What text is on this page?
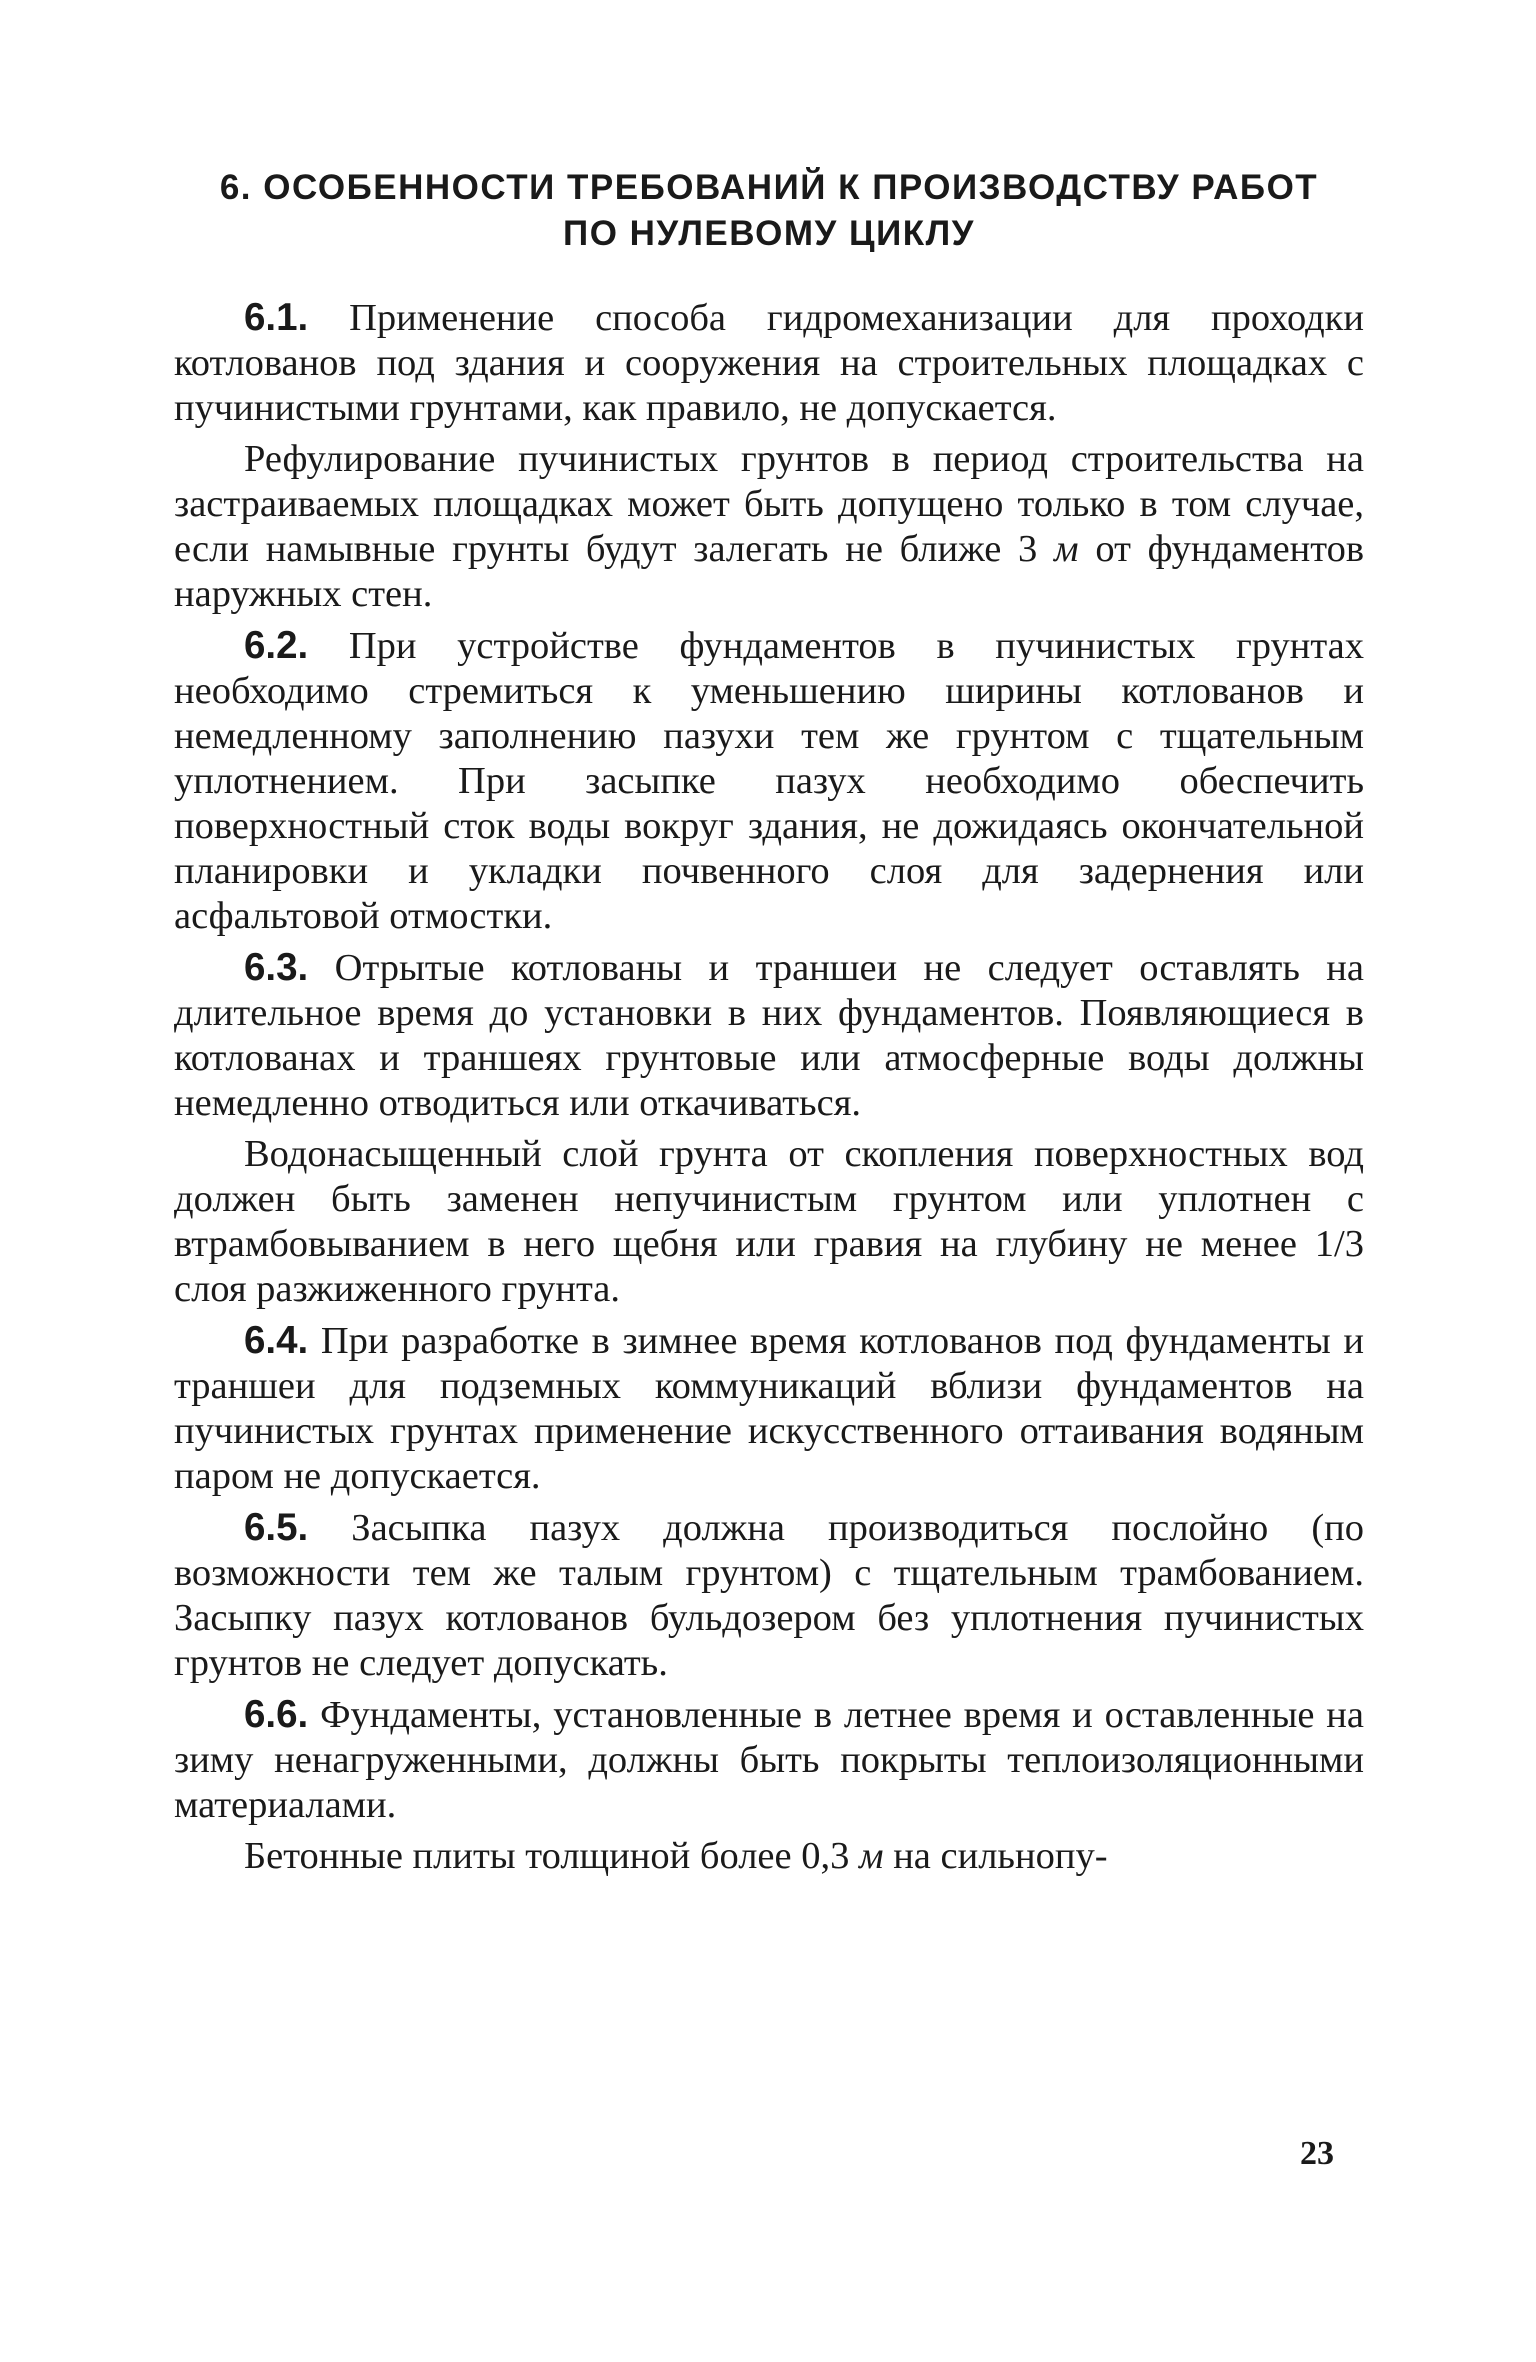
6. ОСОБЕННОСТИ ТРЕБОВАНИЙ К ПРОИЗВОДСТВУ РАБОТ
ПО НУЛЕВОМУ ЦИКЛУ

6.1. Применение способа гидромеханизации для проходки котлованов под здания и сооружения на строительных площадках с пучинистыми грунтами, как правило, не допускается.

Рефулирование пучинистых грунтов в период строительства на застраиваемых площадках может быть допущено только в том случае, если намывные грунты будут залегать не ближе 3 м от фундаментов наружных стен.

6.2. При устройстве фундаментов в пучинистых грунтах необходимо стремиться к уменьшению ширины котлованов и немедленному заполнению пазухи тем же грунтом с тщательным уплотнением. При засыпке пазух необходимо обеспечить поверхностный сток воды вокруг здания, не дожидаясь окончательной планировки и укладки почвенного слоя для задернения или асфальтовой отмостки.

6.3. Отрытые котлованы и траншеи не следует оставлять на длительное время до установки в них фундаментов. Появляющиеся в котлованах и траншеях грунтовые или атмосферные воды должны немедленно отводиться или откачиваться.

Водонасыщенный слой грунта от скопления поверхностных вод должен быть заменен непучинистым грунтом или уплотнен с втрамбовыванием в него щебня или гравия на глубину не менее 1/3 слоя разжиженного грунта.

6.4. При разработке в зимнее время котлованов под фундаменты и траншеи для подземных коммуникаций вблизи фундаментов на пучинистых грунтах применение искусственного оттаивания водяным паром не допускается.

6.5. Засыпка пазух должна производиться послойно (по возможности тем же талым грунтом) с тщательным трамбованием. Засыпку пазух котлованов бульдозером без уплотнения пучинистых грунтов не следует допускать.

6.6. Фундаменты, установленные в летнее время и оставленные на зиму ненагруженными, должны быть покрыты теплоизоляционными материалами.

Бетонные плиты толщиной более 0,3 м на сильнопу-

23
